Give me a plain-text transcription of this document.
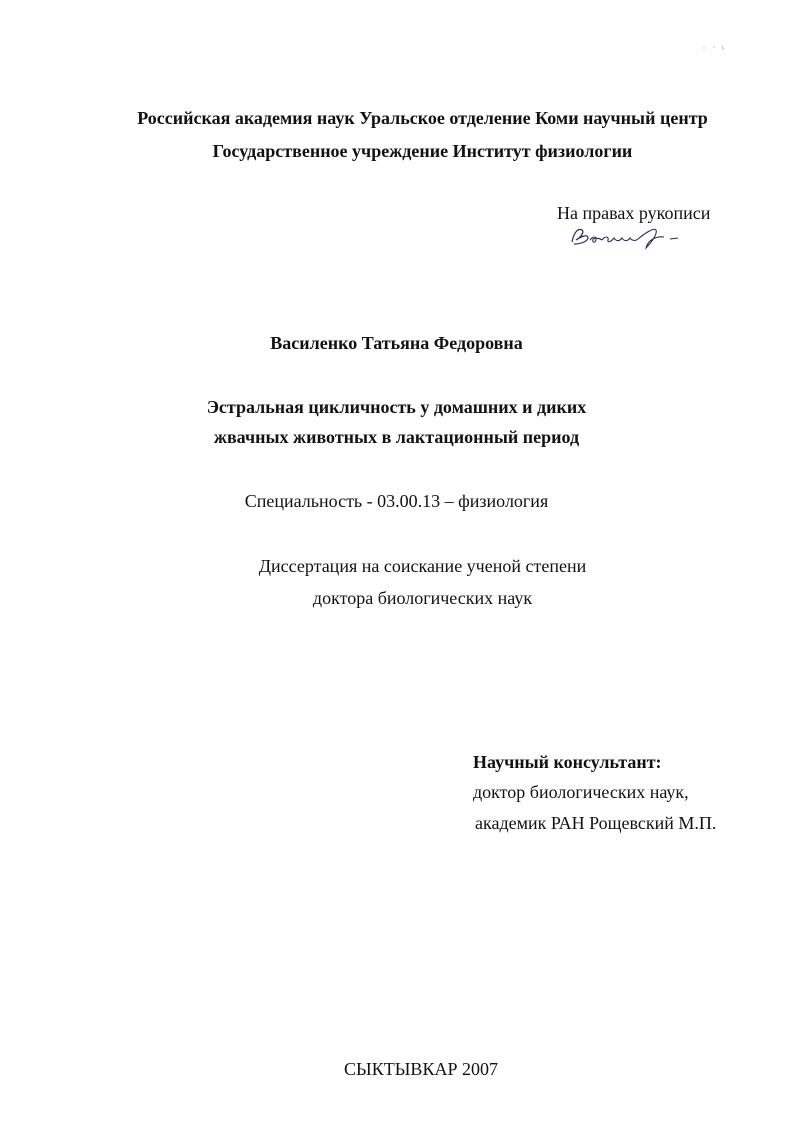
Российская академия наук Уральское отделение Коми научный центр
Государственное учреждение Институт физиологии
На правах рукописи
Василенко Татьяна Федоровна
Эстральная цикличность у домашних и диких
жвачных животных в лактационный период
Специальность - 03.00.13 – физиология
Диссертация на соискание ученой степени
доктора биологических наук
Научный консультант:
доктор биологических наук,
академик РАН Рощевский М.П.
СЫКТЫВКАР 2007
